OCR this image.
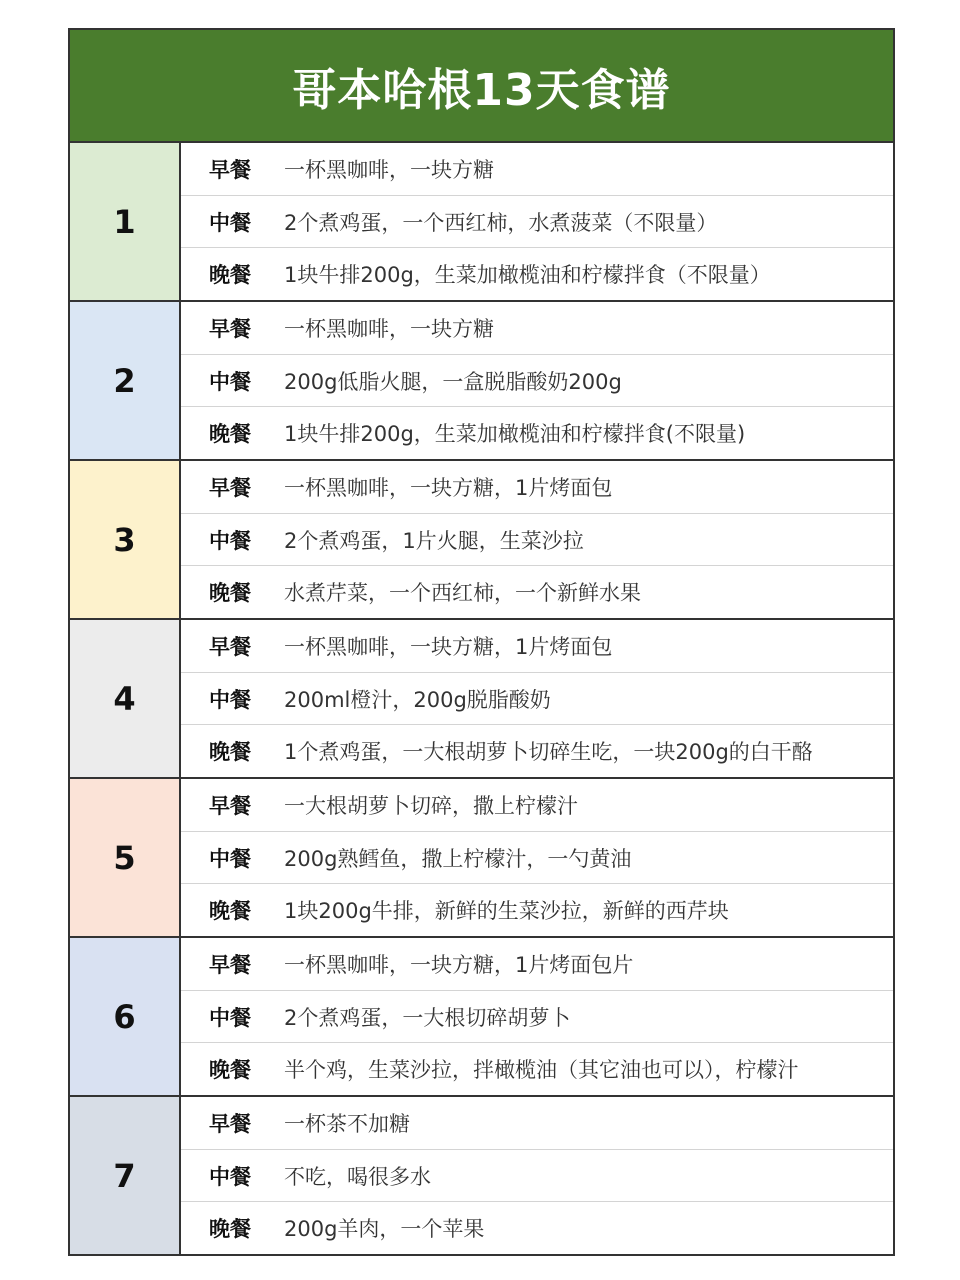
哥本哈根13天食谱
1
早餐	一杯黑咖啡，一块方糖
中餐	2个煮鸡蛋，一个西红柿，水煮菠菜（不限量）
晚餐	1块牛排200g，生菜加橄榄油和柠檬拌食（不限量）
2
早餐	一杯黑咖啡，一块方糖
中餐	200g低脂火腿，一盒脱脂酸奶200g
晚餐	1块牛排200g，生菜加橄榄油和柠檬拌食(不限量)
3
早餐	一杯黑咖啡，一块方糖，1片烤面包
中餐	2个煮鸡蛋，1片火腿，生菜沙拉
晚餐	水煮芹菜，一个西红柿，一个新鲜水果
4
早餐	一杯黑咖啡，一块方糖，1片烤面包
中餐	200ml橙汁，200g脱脂酸奶
晚餐	1个煮鸡蛋，一大根胡萝卜切碎生吃，一块200g的白干酪
5
早餐	一大根胡萝卜切碎，撒上柠檬汁
中餐	200g熟鳕鱼，撒上柠檬汁，一勺黄油
晚餐	1块200g牛排，新鲜的生菜沙拉，新鲜的西芹块
6
早餐	一杯黑咖啡，一块方糖，1片烤面包片
中餐	2个煮鸡蛋，一大根切碎胡萝卜
晚餐	半个鸡，生菜沙拉，拌橄榄油（其它油也可以），柠檬汁
7
早餐	一杯茶不加糖
中餐	不吃，喝很多水
晚餐	200g羊肉，一个苹果
